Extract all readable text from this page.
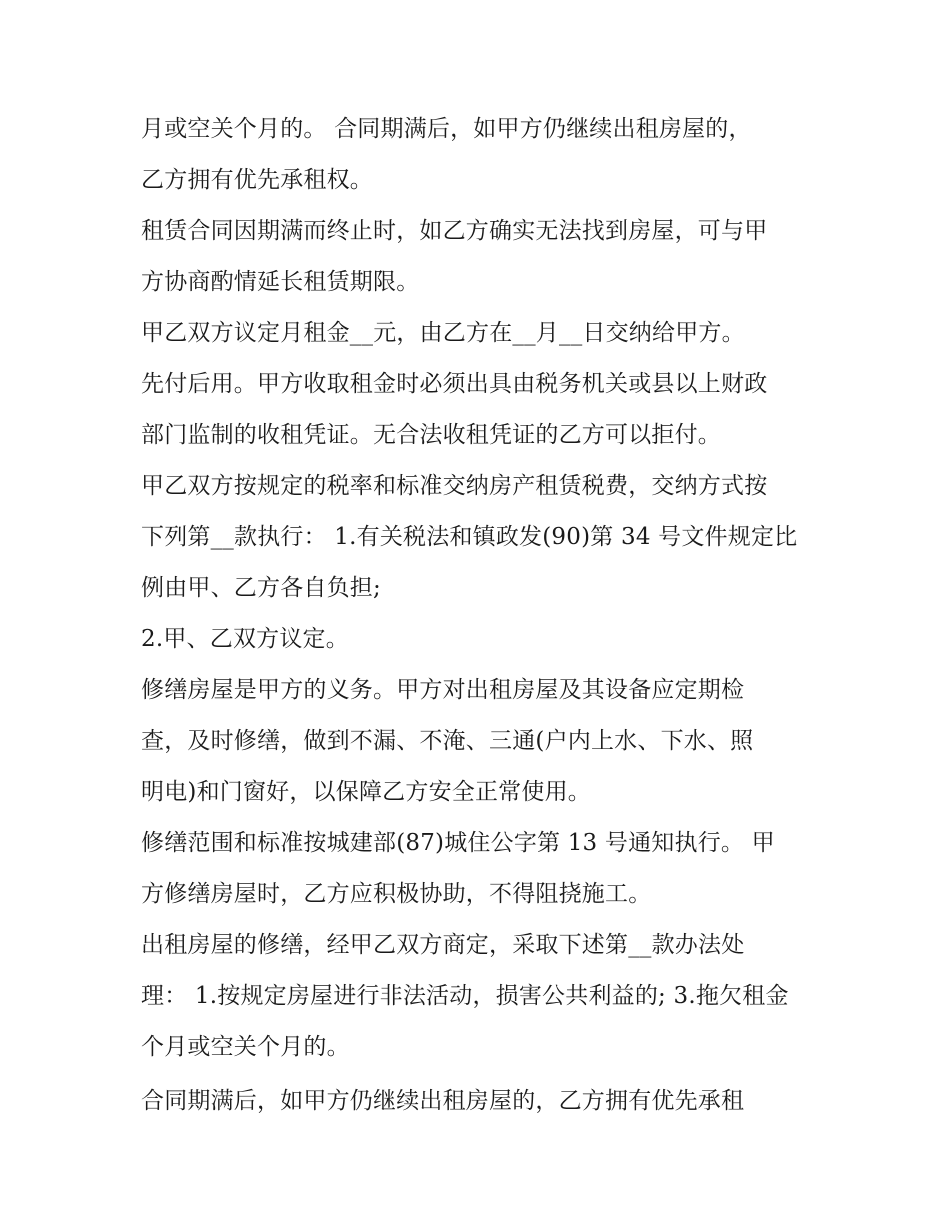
月或空关个月的。 合同期满后，如甲方仍继续出租房屋的，
乙方拥有优先承租权。
租赁合同因期满而终止时，如乙方确实无法找到房屋，可与甲
方协商酌情延长租赁期限。
甲乙双方议定月租金__元，由乙方在__月__日交纳给甲方。
先付后用。甲方收取租金时必须出具由税务机关或县以上财政
部门监制的收租凭证。无合法收租凭证的乙方可以拒付。
甲乙双方按规定的税率和标准交纳房产租赁税费，交纳方式按
下列第__款执行： 1.有关税法和镇政发(90)第 34 号文件规定比
例由甲、乙方各自负担;
2.甲、乙双方议定。
修缮房屋是甲方的义务。甲方对出租房屋及其设备应定期检
查，及时修缮，做到不漏、不淹、三通(户内上水、下水、照
明电)和门窗好，以保障乙方安全正常使用。
修缮范围和标准按城建部(87)城住公字第 13 号通知执行。 甲
方修缮房屋时，乙方应积极协助，不得阻挠施工。
出租房屋的修缮，经甲乙双方商定，采取下述第__款办法处
理： 1.按规定房屋进行非法活动，损害公共利益的; 3.拖欠租金
个月或空关个月的。
合同期满后，如甲方仍继续出租房屋的，乙方拥有优先承租
